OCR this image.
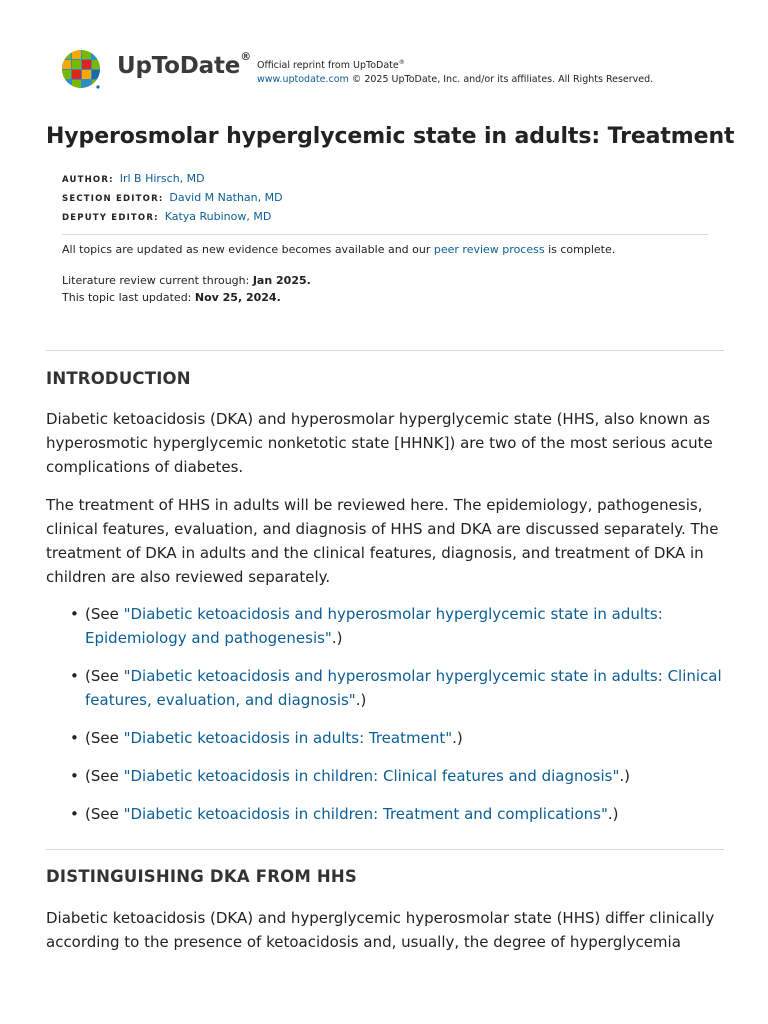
UpToDate®
Official reprint from UpToDate®
www.uptodate.com © 2025 UpToDate, Inc. and/or its affiliates. All Rights Reserved.
Hyperosmolar hyperglycemic state in adults: Treatment
AUTHOR: Irl B Hirsch, MD
SECTION EDITOR: David M Nathan, MD
DEPUTY EDITOR: Katya Rubinow, MD
All topics are updated as new evidence becomes available and our peer review process is complete.
Literature review current through: Jan 2025.
This topic last updated: Nov 25, 2024.
INTRODUCTION

Diabetic ketoacidosis (DKA) and hyperosmolar hyperglycemic state (HHS, also known as hyperosmotic hyperglycemic nonketotic state [HHNK]) are two of the most serious acute complications of diabetes.

The treatment of HHS in adults will be reviewed here. The epidemiology, pathogenesis, clinical features, evaluation, and diagnosis of HHS and DKA are discussed separately. The treatment of DKA in adults and the clinical features, diagnosis, and treatment of DKA in children are also reviewed separately.

• (See "Diabetic ketoacidosis and hyperosmolar hyperglycemic state in adults: Epidemiology and pathogenesis".)
• (See "Diabetic ketoacidosis and hyperosmolar hyperglycemic state in adults: Clinical features, evaluation, and diagnosis".)
• (See "Diabetic ketoacidosis in adults: Treatment".)
• (See "Diabetic ketoacidosis in children: Clinical features and diagnosis".)
• (See "Diabetic ketoacidosis in children: Treatment and complications".)
DISTINGUISHING DKA FROM HHS

Diabetic ketoacidosis (DKA) and hyperglycemic hyperosmolar state (HHS) differ clinically according to the presence of ketoacidosis and, usually, the degree of hyperglycemia
